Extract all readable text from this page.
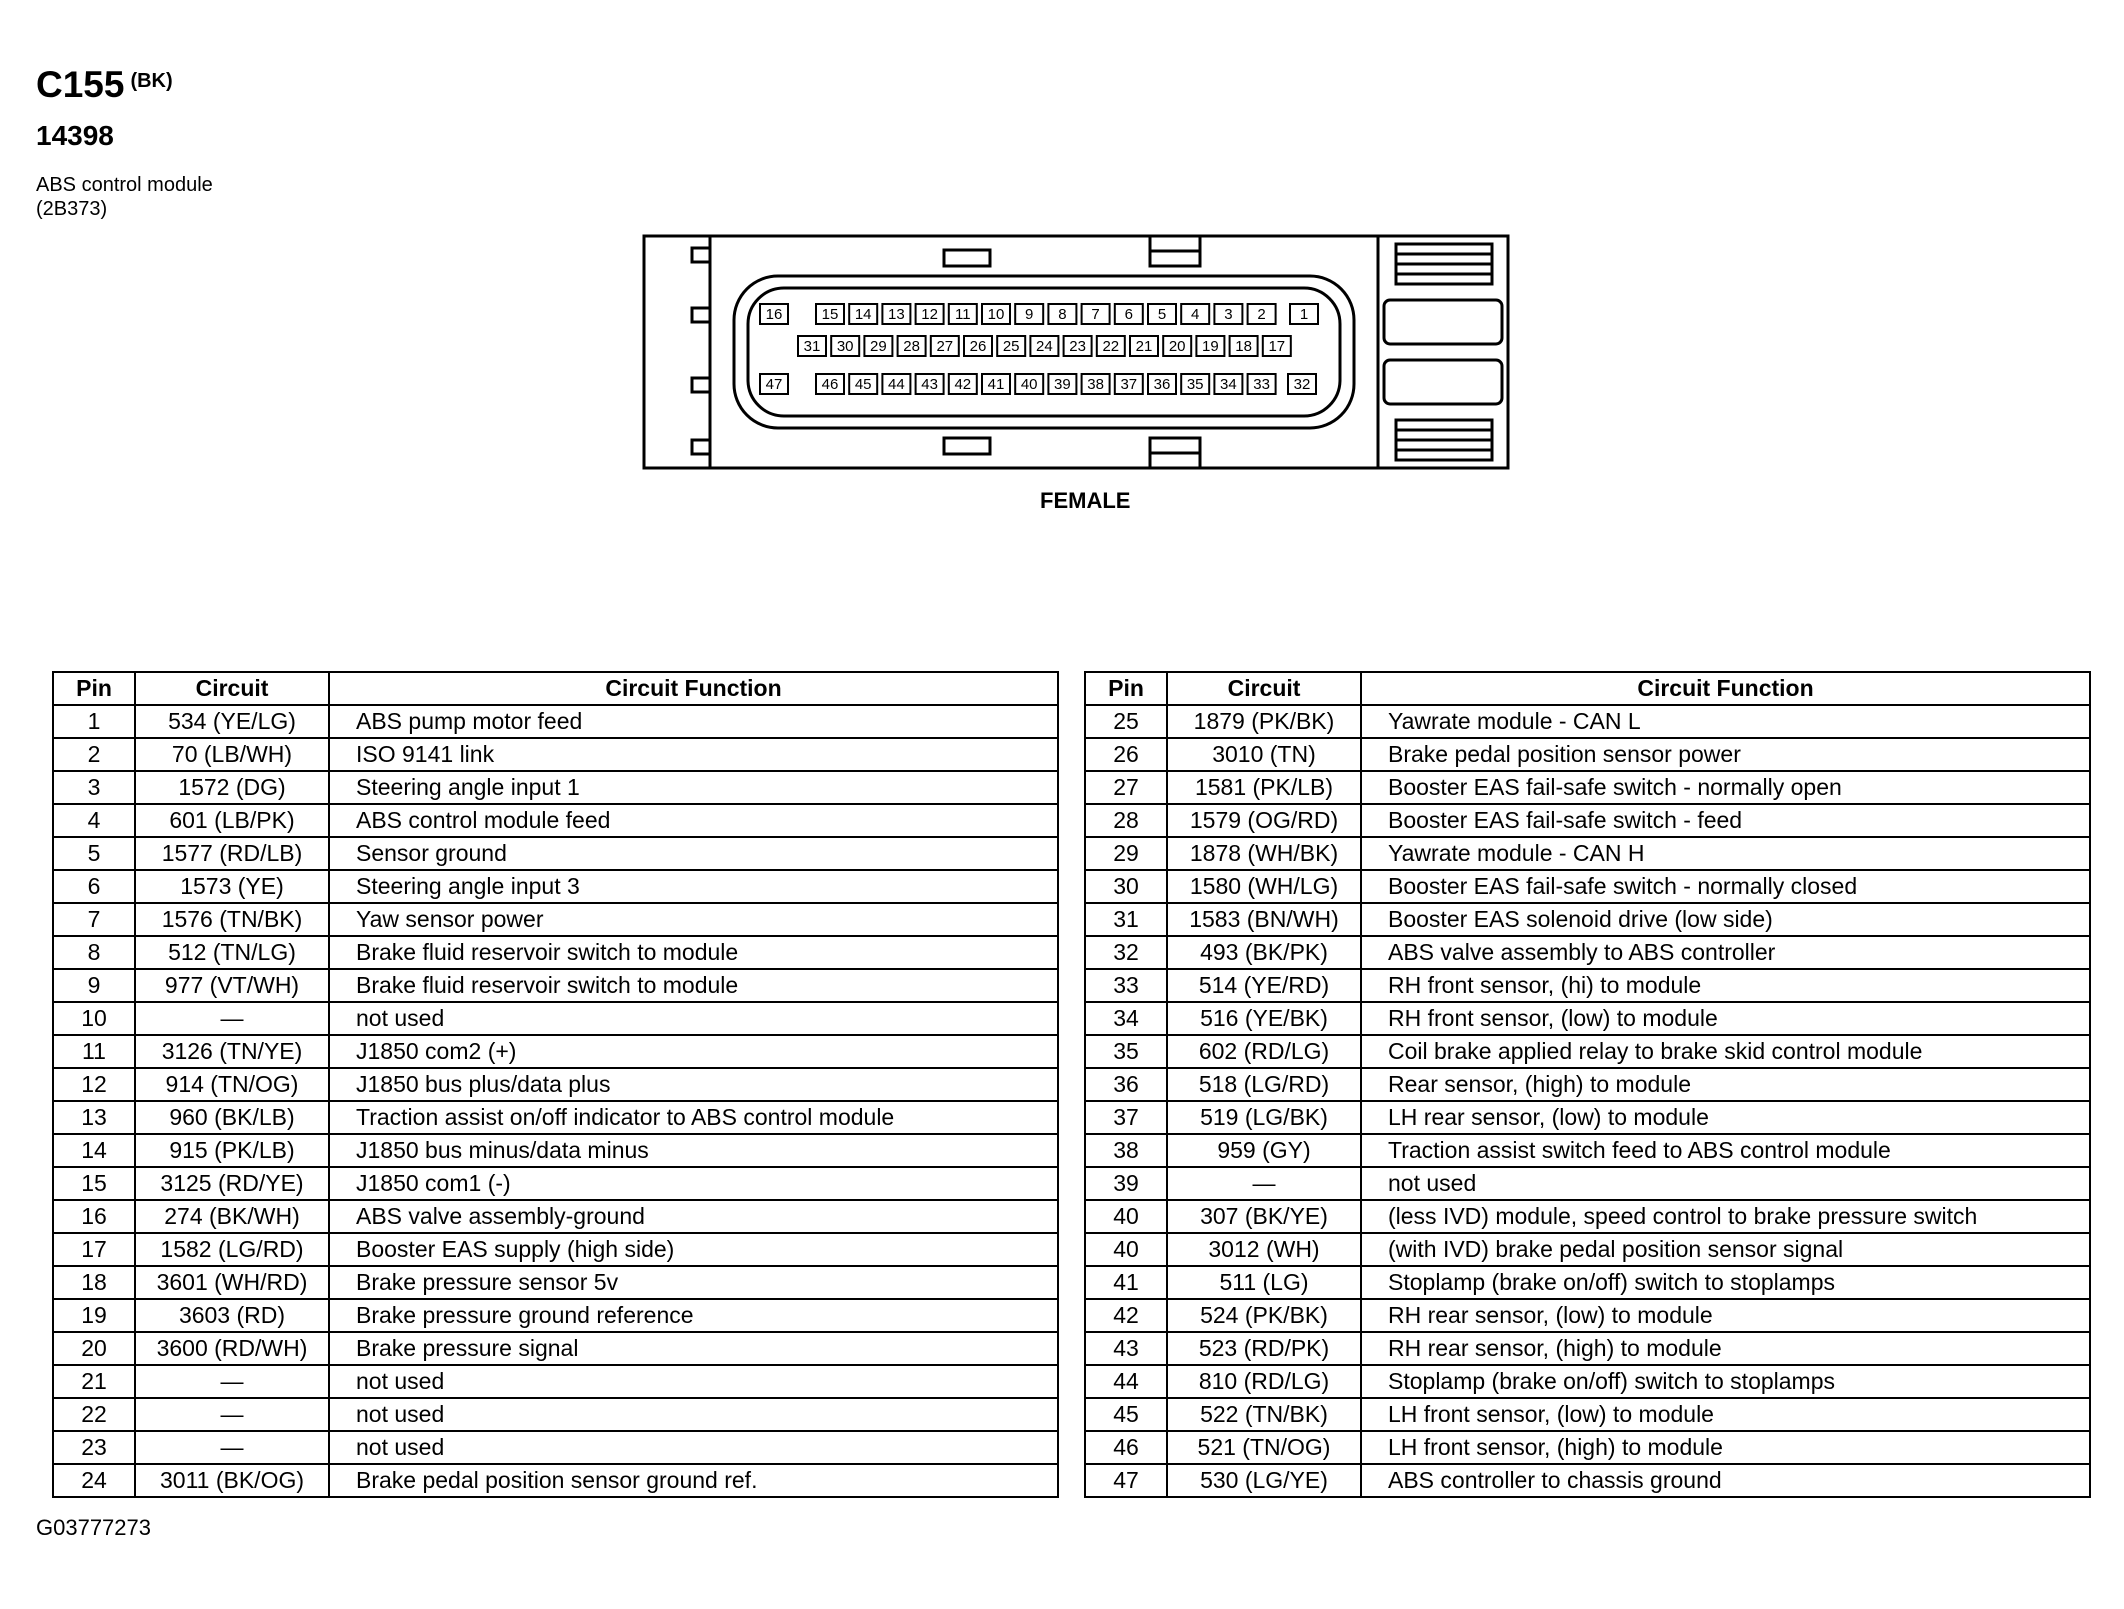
C155 $^{(BK)}$
14398
ABS control module
(2B373)
16	15 14 13 12 11 10 9 8 7 6 5 4 3 2 1
31 30 29 28 27 26 25 24 23 22 21 20 19 18 17
47	46 45 44 43 42 41 40 39 38 37 36 35 34 33 32
FEMALE
Pin	Circuit	Circuit Function
1	534 (YE/LG)	ABS pump motor feed
2	70 (LB/WH)	ISO 9141 link
3	1572 (DG)	Steering angle input 1
4	601 (LB/PK)	ABS control module feed
5	1577 (RD/LB)	Sensor ground
6	1573 (YE)	Steering angle input 3
7	1576 (TN/BK)	Yaw sensor power
8	512 (TN/LG)	Brake fluid reservoir switch to module
9	977 (VT/WH)	Brake fluid reservoir switch to module
10	—	not used
11	3126 (TN/YE)	J1850 com2 (+)
12	914 (TN/OG)	J1850 bus plus/data plus
13	960 (BK/LB)	Traction assist on/off indicator to ABS control module
14	915 (PK/LB)	J1850 bus minus/data minus
15	3125 (RD/YE)	J1850 com1 (-)
16	274 (BK/WH)	ABS valve assembly-ground
17	1582 (LG/RD)	Booster EAS supply (high side)
18	3601 (WH/RD)	Brake pressure sensor 5v
19	3603 (RD)	Brake pressure ground reference
20	3600 (RD/WH)	Brake pressure signal
21	—	not used
22	—	not used
23	—	not used
24	3011 (BK/OG)	Brake pedal position sensor ground ref.
Pin	Circuit	Circuit Function
25	1879 (PK/BK)	Yawrate module - CAN L
26	3010 (TN)	Brake pedal position sensor power
27	1581 (PK/LB)	Booster EAS fail-safe switch - normally open
28	1579 (OG/RD)	Booster EAS fail-safe switch - feed
29	1878 (WH/BK)	Yawrate module - CAN H
30	1580 (WH/LG)	Booster EAS fail-safe switch - normally closed
31	1583 (BN/WH)	Booster EAS solenoid drive (low side)
32	493 (BK/PK)	ABS valve assembly to ABS controller
33	514 (YE/RD)	RH front sensor, (hi) to module
34	516 (YE/BK)	RH front sensor, (low) to module
35	602 (RD/LG)	Coil brake applied relay to brake skid control module
36	518 (LG/RD)	Rear sensor, (high) to module
37	519 (LG/BK)	LH rear sensor, (low) to module
38	959 (GY)	Traction assist switch feed to ABS control module
39	—	not used
40	307 (BK/YE)	(less IVD) module, speed control to brake pressure switch
40	3012 (WH)	(with IVD) brake pedal position sensor signal
41	511 (LG)	Stoplamp (brake on/off) switch to stoplamps
42	524 (PK/BK)	RH rear sensor, (low) to module
43	523 (RD/PK)	RH rear sensor, (high) to module
44	810 (RD/LG)	Stoplamp (brake on/off) switch to stoplamps
45	522 (TN/BK)	LH front sensor, (low) to module
46	521 (TN/OG)	LH front sensor, (high) to module
47	530 (LG/YE)	ABS controller to chassis ground
G03777273
